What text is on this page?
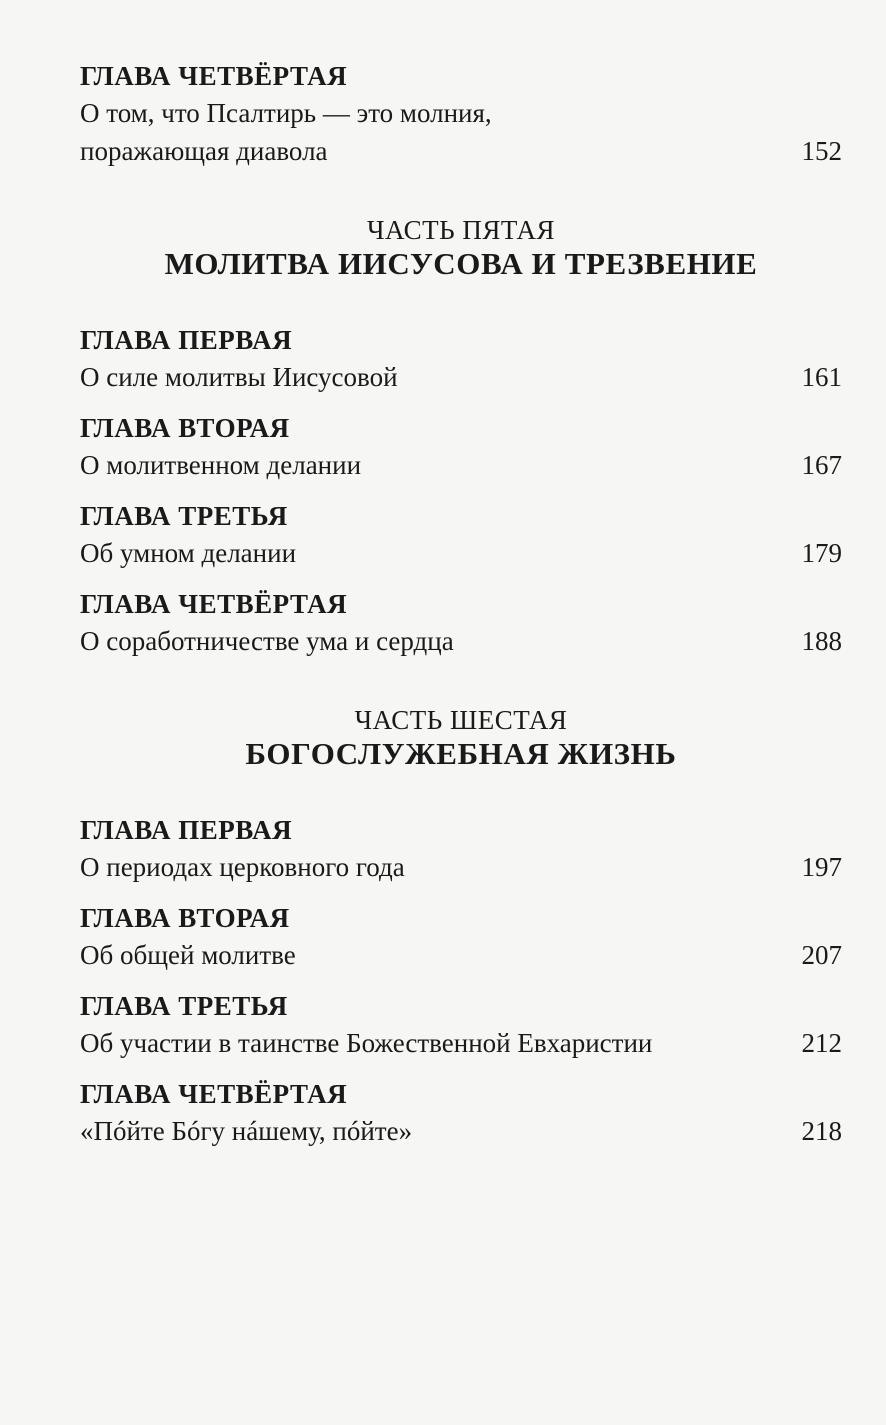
ГЛАВА ЧЕТВЁРТАЯ
О том, что Псалтирь — это молния,
поражающая диавола	152
ЧАСТЬ ПЯТАЯ
МОЛИТВА ИИСУСОВА И ТРЕЗВЕНИЕ
ГЛАВА ПЕРВАЯ
О силе молитвы Иисусовой	161
ГЛАВА ВТОРАЯ
О молитвенном делании	167
ГЛАВА ТРЕТЬЯ
Об умном делании	179
ГЛАВА ЧЕТВЁРТАЯ
О соработничестве ума и сердца	188
ЧАСТЬ ШЕСТАЯ
БОГОСЛУЖЕБНАЯ ЖИЗНЬ
ГЛАВА ПЕРВАЯ
О периодах церковного года	197
ГЛАВА ВТОРАЯ
Об общей молитве	207
ГЛАВА ТРЕТЬЯ
Об участии в таинстве Божественной Евхаристии	212
ГЛАВА ЧЕТВЁРТАЯ
«Пóйте Бóгу нáшему, пóйте»	218
